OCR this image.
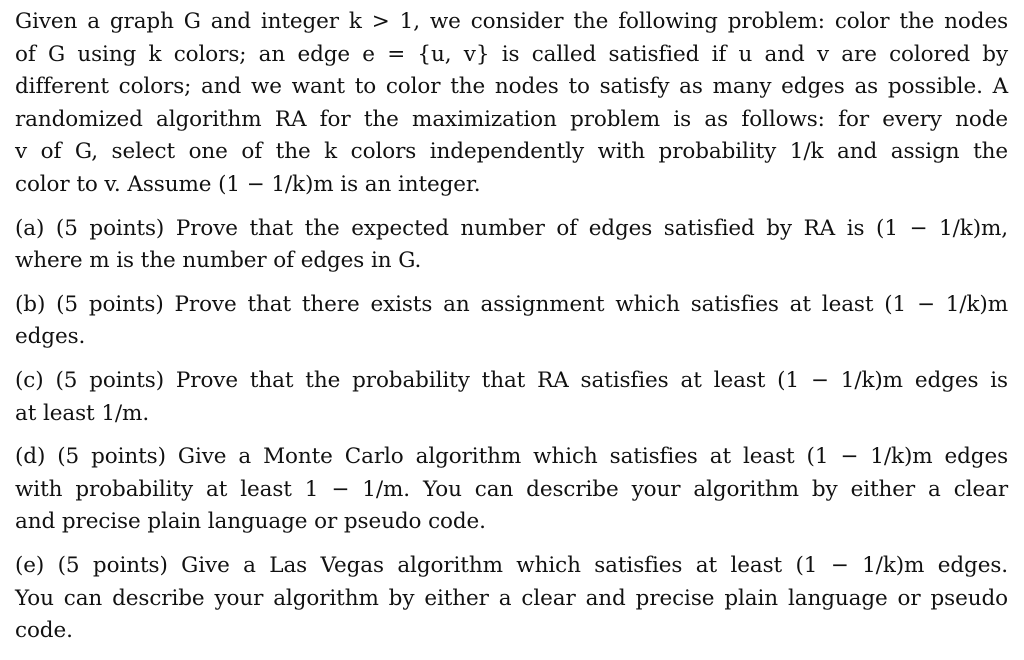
Given a graph G and integer k > 1, we consider the following problem: color the nodes
of G using k colors; an edge e = {u, v} is called satisfied if u and v are colored by
different colors; and we want to color the nodes to satisfy as many edges as possible. A
randomized algorithm RA for the maximization problem is as follows: for every node
v of G, select one of the k colors independently with probability 1/k and assign the
color to v. Assume (1 − 1/k)m is an integer.

(a) (5 points) Prove that the expected number of edges satisfied by RA is (1 − 1/k)m,
where m is the number of edges in G.

(b) (5 points) Prove that there exists an assignment which satisfies at least (1 − 1/k)m
edges.

(c) (5 points) Prove that the probability that RA satisfies at least (1 − 1/k)m edges is
at least 1/m.

(d) (5 points) Give a Monte Carlo algorithm which satisfies at least (1 − 1/k)m edges
with probability at least 1 − 1/m. You can describe your algorithm by either a clear
and precise plain language or pseudo code.

(e) (5 points) Give a Las Vegas algorithm which satisfies at least (1 − 1/k)m edges.
You can describe your algorithm by either a clear and precise plain language or pseudo
code.
